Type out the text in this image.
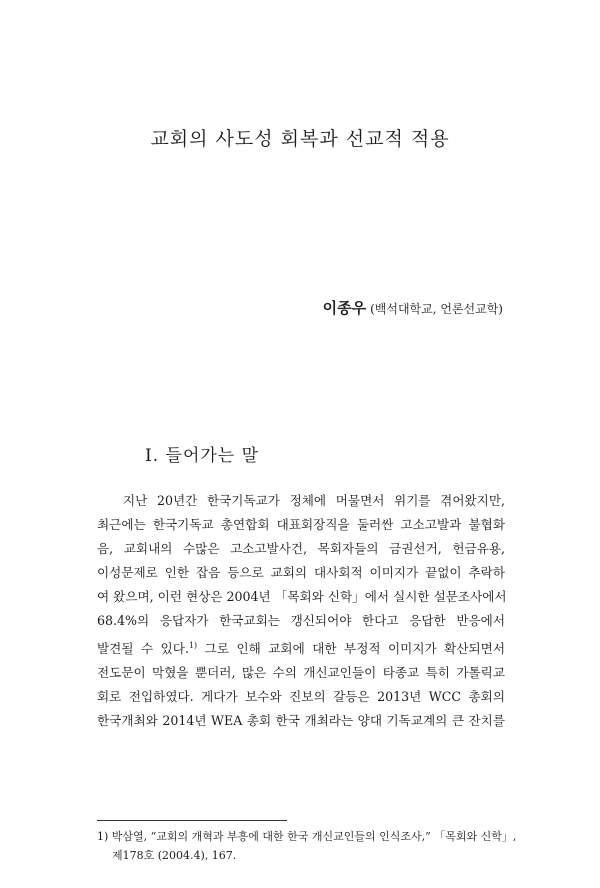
교회의 사도성 회복과 선교적 적용
이종우 (백석대학교, 언론선교학)
Ⅰ. 들어가는 말
지난 20년간 한국기독교가 정체에 머물면서 위기를 겪어왔지만,
최근에는 한국기독교 총연합회 대표회장직을 둘러싼 고소고발과 불협화
음, 교회내의 수많은 고소고발사건, 목회자들의 금권선거, 헌금유용,
이성문제로 인한 잡음 등으로 교회의 대사회적 이미지가 끝없이 추락하
여 왔으며, 이런 현상은 2004년 「목회와 신학」에서 실시한 설문조사에서
68.4%의 응답자가 한국교회는 갱신되어야 한다고 응답한 반응에서
발견될 수 있다.$^{1)}$ 그로 인해 교회에 대한 부정적 이미지가 확산되면서
전도문이 막혔을 뿐더러, 많은 수의 개신교인들이 타종교 특히 가톨릭교
회로 전입하였다. 게다가 보수와 진보의 갈등은 2013년 WCC 총회의
한국개최와 2014년 WEA 총회 한국 개최라는 양대 기독교계의 큰 잔치를
1) 박삼열, “교회의 개혁과 부흥에 대한 한국 개신교인들의 인식조사,” 「목회와 신학」,
제178호 (2004.4), 167.
